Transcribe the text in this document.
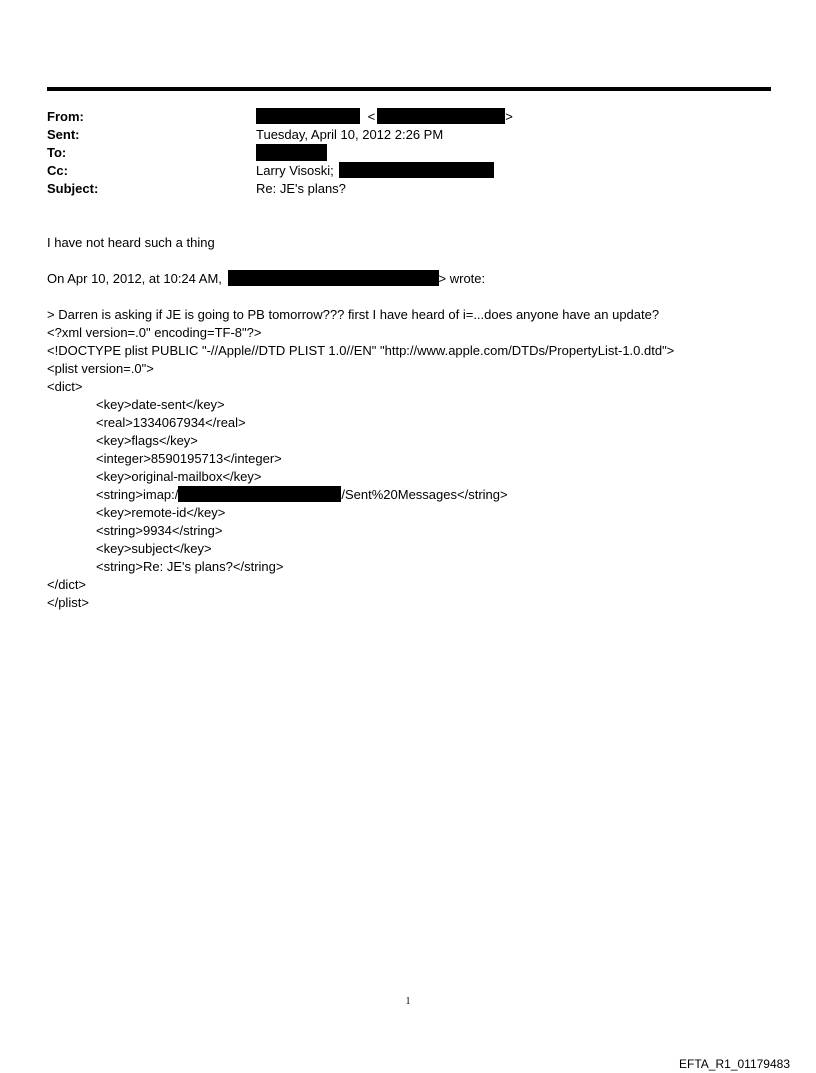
From:	<	>
Sent:	Tuesday, April 10, 2012 2:26 PM
To:
Cc:	Larry Visoski;
Subject:	Re: JE's plans?
I have not heard such a thing
On Apr 10, 2012, at 10:24 AM,	> wrote:
> Darren is asking if JE is going to PB tomorrow??? first I have heard of i=...does anyone have an update?
<?xml version=.0" encoding=TF-8"?>
<!DOCTYPE plist PUBLIC "-//Apple//DTD PLIST 1.0//EN" "http://www.apple.com/DTDs/PropertyList-1.0.dtd">
<plist version=.0">
<dict>
<key>date-sent</key>
<real>1334067934</real>
<key>flags</key>
<integer>8590195713</integer>
<key>original-mailbox</key>
<string>imap:/	/Sent%20Messages</string>
<key>remote-id</key>
<string>9934</string>
<key>subject</key>
<string>Re: JE's plans?</string>
</dict>
</plist>
1
EFTA_R1_01179483
